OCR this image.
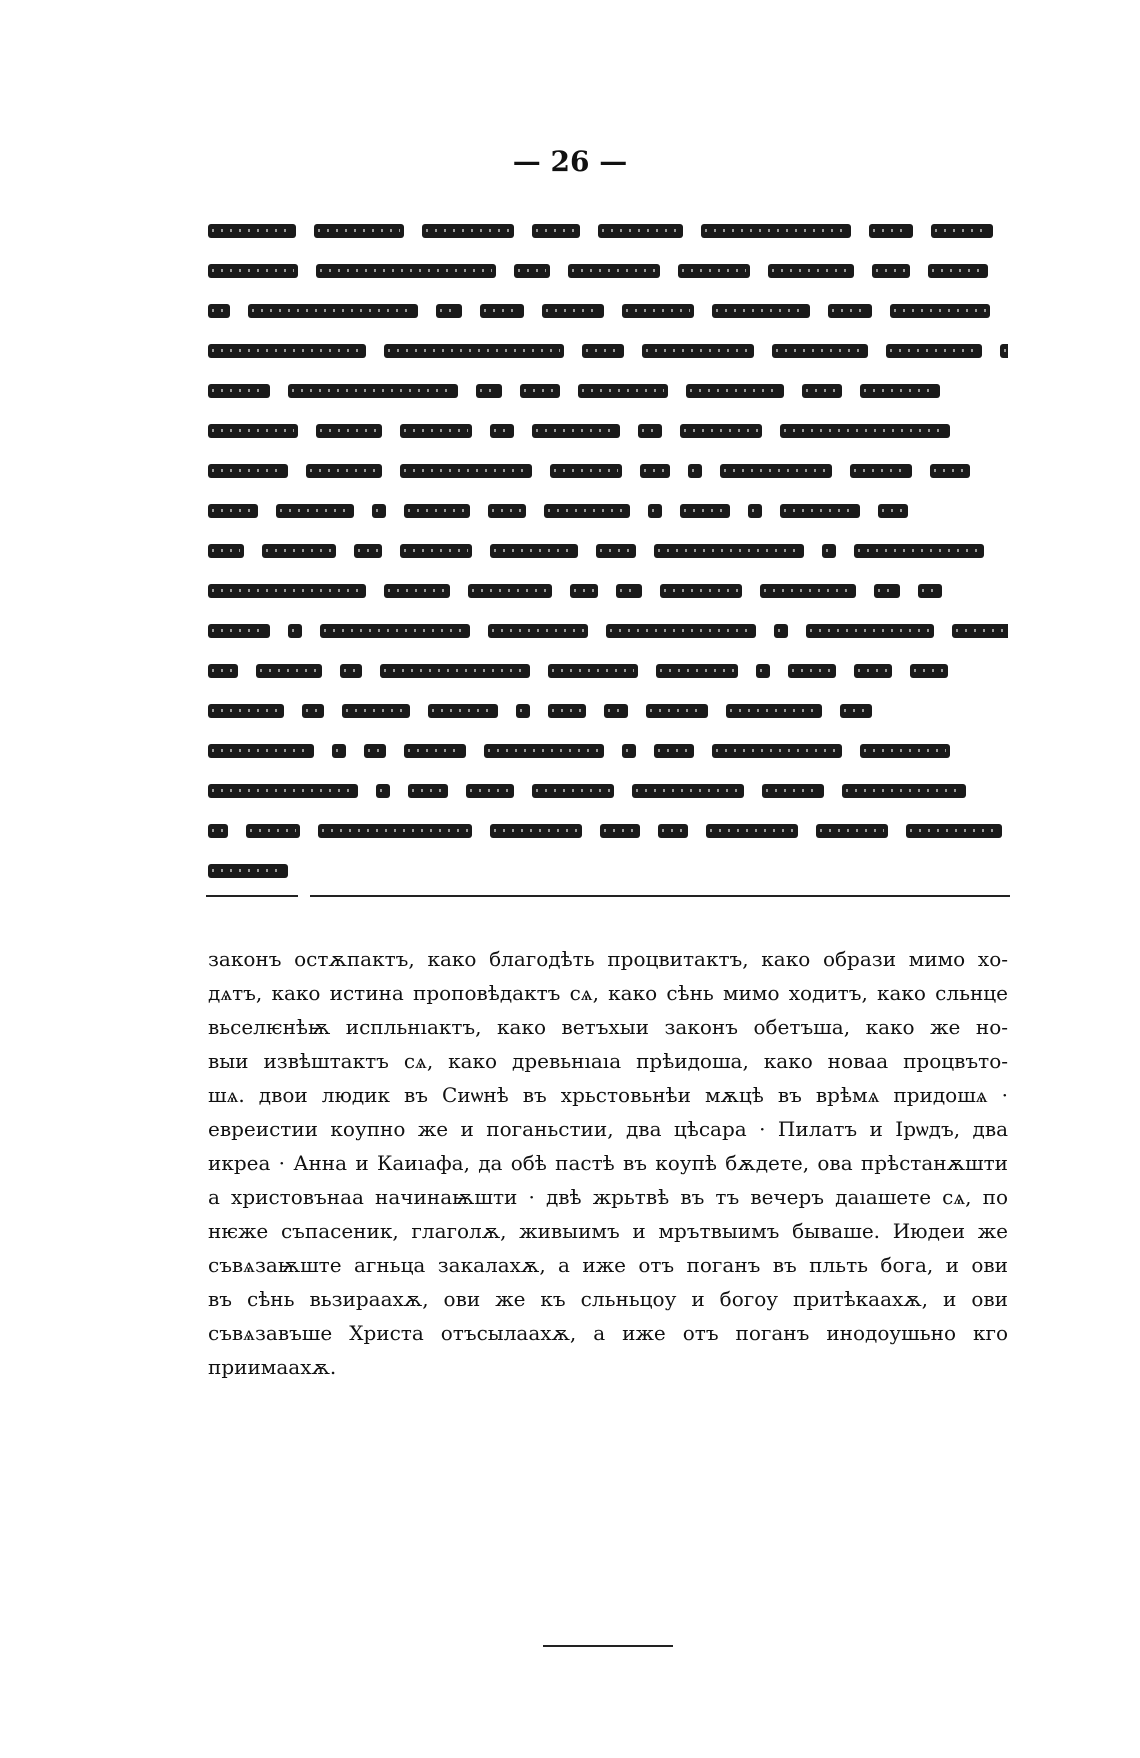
— 26 —
законъ остѫпактъ, како благодѣть процвитактъ, како образи мимо хо-
дѧтъ, како истина проповѣдактъ сѧ, како сѣнь мимо ходитъ, како сльнце
вьселѥнѣѭ испльнıактъ, како ветъхыи законъ обетъша, како же но-
выи извѣштактъ сѧ, како древьнıаıа прѣидоша, како новаа процвъто-
шѧ. двои людик въ Сиѡнѣ въ хрьстовьнѣи мѫцѣ въ врѣмѧ придошѧ ·
евреистии коупно же и поганьстии, два цѣсара · Пилатъ и Ірѡдъ, два
икреа · Анна и Каиıафа, да обѣ пастѣ въ коупѣ бѫдете, ова прѣстанѫшти
а христовънаа начинаѭшти · двѣ жрьтвѣ въ тъ вечеръ даıашете сѧ, по
нѥже съпасеник, глаголѫ, живыимъ и мрътвыимъ бываше. Июдеи же
съвѧзаѭште агньца закалахѫ, а иже отъ поганъ въ пльть бога, и ови
въ сѣнь вьзираахѫ, ови же къ сльньцоу и богоу притѣкаахѫ, и ови
съвѧзавъше Христа отъсылаахѫ, а иже отъ поганъ инодоушьно кго
приимаахѫ.
